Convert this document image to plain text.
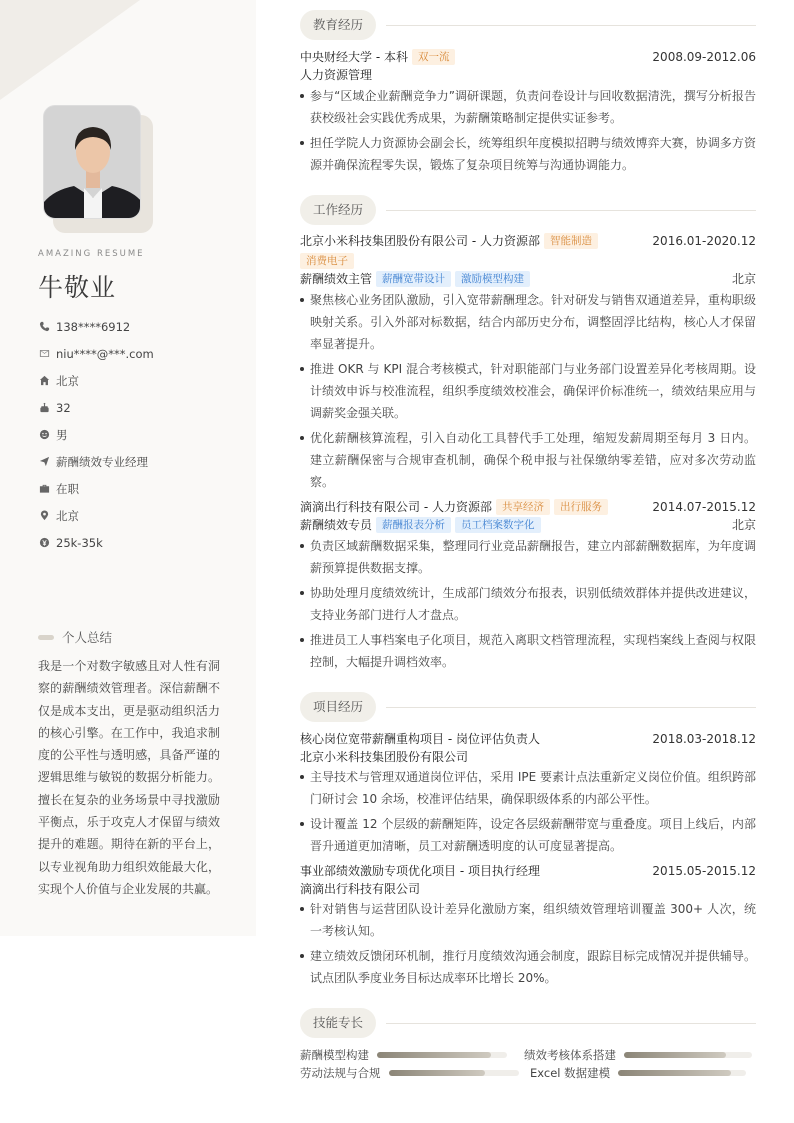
AMAZING RESUME
牛敬业
138****6912
niu****@***.com
北京
32
男
薪酬绩效专业经理
在职
北京
25k-35k
个人总结
我是一个对数字敏感且对人性有洞察的薪酬绩效管理者。深信薪酬不仅是成本支出，更是驱动组织活力的核心引擎。在工作中，我追求制度的公平性与透明感，具备严谨的逻辑思维与敏锐的数据分析能力。擅长在复杂的业务场景中寻找激励平衡点，乐于攻克人才保留与绩效提升的难题。期待在新的平台上，以专业视角助力组织效能最大化，实现个人价值与企业发展的共赢。
教育经历
中央财经大学 - 本科 双一流	2008.09-2012.06
人力资源管理
参与“区域企业薪酬竞争力”调研课题，负责问卷设计与回收数据清洗，撰写分析报告获校级社会实践优秀成果，为薪酬策略制定提供实证参考。
担任学院人力资源协会副会长，统筹组织年度模拟招聘与绩效博弈大赛，协调多方资源并确保流程零失误，锻炼了复杂项目统筹与沟通协调能力。
工作经历
北京小米科技集团股份有限公司 - 人力资源部 智能制造	2016.01-2020.12
消费电子
薪酬绩效主管 薪酬宽带设计 激励模型构建	北京
聚焦核心业务团队激励，引入宽带薪酬理念。针对研发与销售双通道差异，重构职级映射关系。引入外部对标数据，结合内部历史分布，调整固浮比结构，核心人才保留率显著提升。
推进 OKR 与 KPI 混合考核模式，针对职能部门与业务部门设置差异化考核周期。设计绩效申诉与校准流程，组织季度绩效校准会，确保评价标准统一，绩效结果应用与调薪奖金强关联。
优化薪酬核算流程，引入自动化工具替代手工处理，缩短发薪周期至每月 3 日内。建立薪酬保密与合规审查机制，确保个税申报与社保缴纳零差错，应对多次劳动监察。
滴滴出行科技有限公司 - 人力资源部 共享经济 出行服务	2014.07-2015.12
薪酬绩效专员 薪酬报表分析 员工档案数字化	北京
负责区域薪酬数据采集，整理同行业竞品薪酬报告，建立内部薪酬数据库，为年度调薪预算提供数据支撑。
协助处理月度绩效统计，生成部门绩效分布报表，识别低绩效群体并提供改进建议，支持业务部门进行人才盘点。
推进员工人事档案电子化项目，规范入离职文档管理流程，实现档案线上查阅与权限控制，大幅提升调档效率。
项目经历
核心岗位宽带薪酬重构项目 - 岗位评估负责人	2018.03-2018.12
北京小米科技集团股份有限公司
主导技术与管理双通道岗位评估，采用 IPE 要素计点法重新定义岗位价值。组织跨部门研讨会 10 余场，校准评估结果，确保职级体系的内部公平性。
设计覆盖 12 个层级的薪酬矩阵，设定各层级薪酬带宽与重叠度。项目上线后，内部晋升通道更加清晰，员工对薪酬透明度的认可度显著提高。
事业部绩效激励专项优化项目 - 项目执行经理	2015.05-2015.12
滴滴出行科技有限公司
针对销售与运营团队设计差异化激励方案，组织绩效管理培训覆盖 300+ 人次，统一考核认知。
建立绩效反馈闭环机制，推行月度绩效沟通会制度，跟踪目标完成情况并提供辅导。试点团队季度业务目标达成率环比增长 20%。
技能专长
薪酬模型构建	绩效考核体系搭建
劳动法规与合规	Excel 数据建模
